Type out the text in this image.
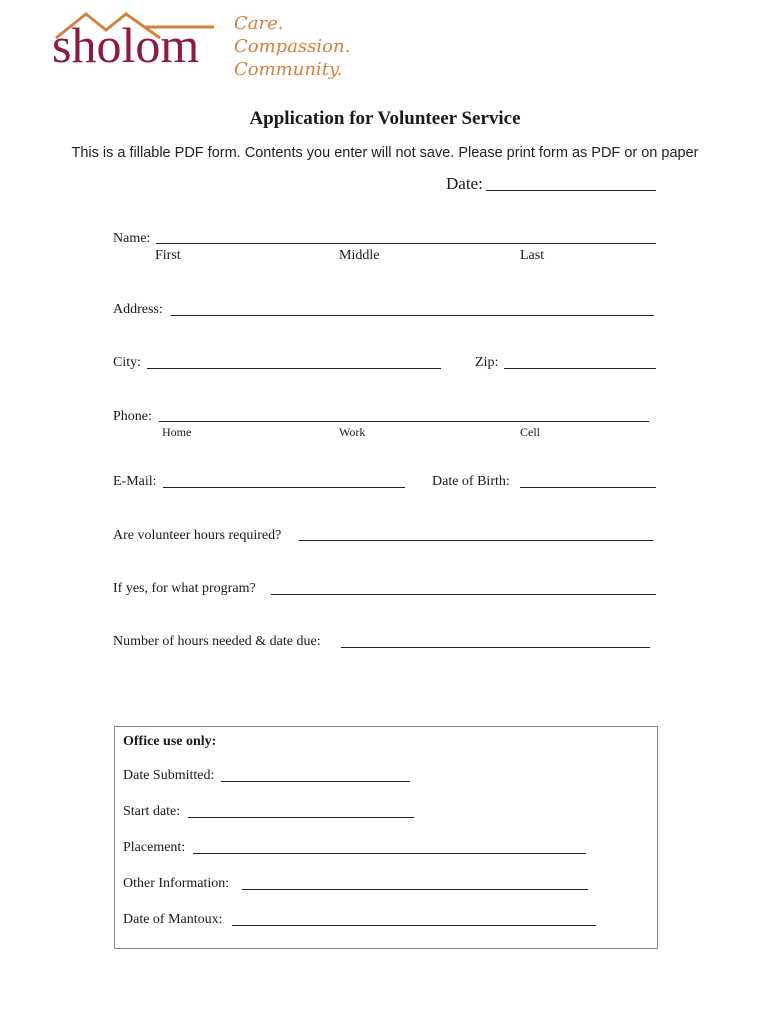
sholom Care.
Compassion.
Community.
Application for Volunteer Service
This is a fillable PDF form. Contents you enter will not save. Please print form as PDF or on paper
Date:
Name:
First	Middle	Last
Address:
City:	Zip:
Phone:
Home	Work	Cell
E-Mail:	Date of Birth:
Are volunteer hours required?
If yes, for what program?
Number of hours needed & date due:
Office use only:
Date Submitted:
Start date:
Placement:
Other Information:
Date of Mantoux:
